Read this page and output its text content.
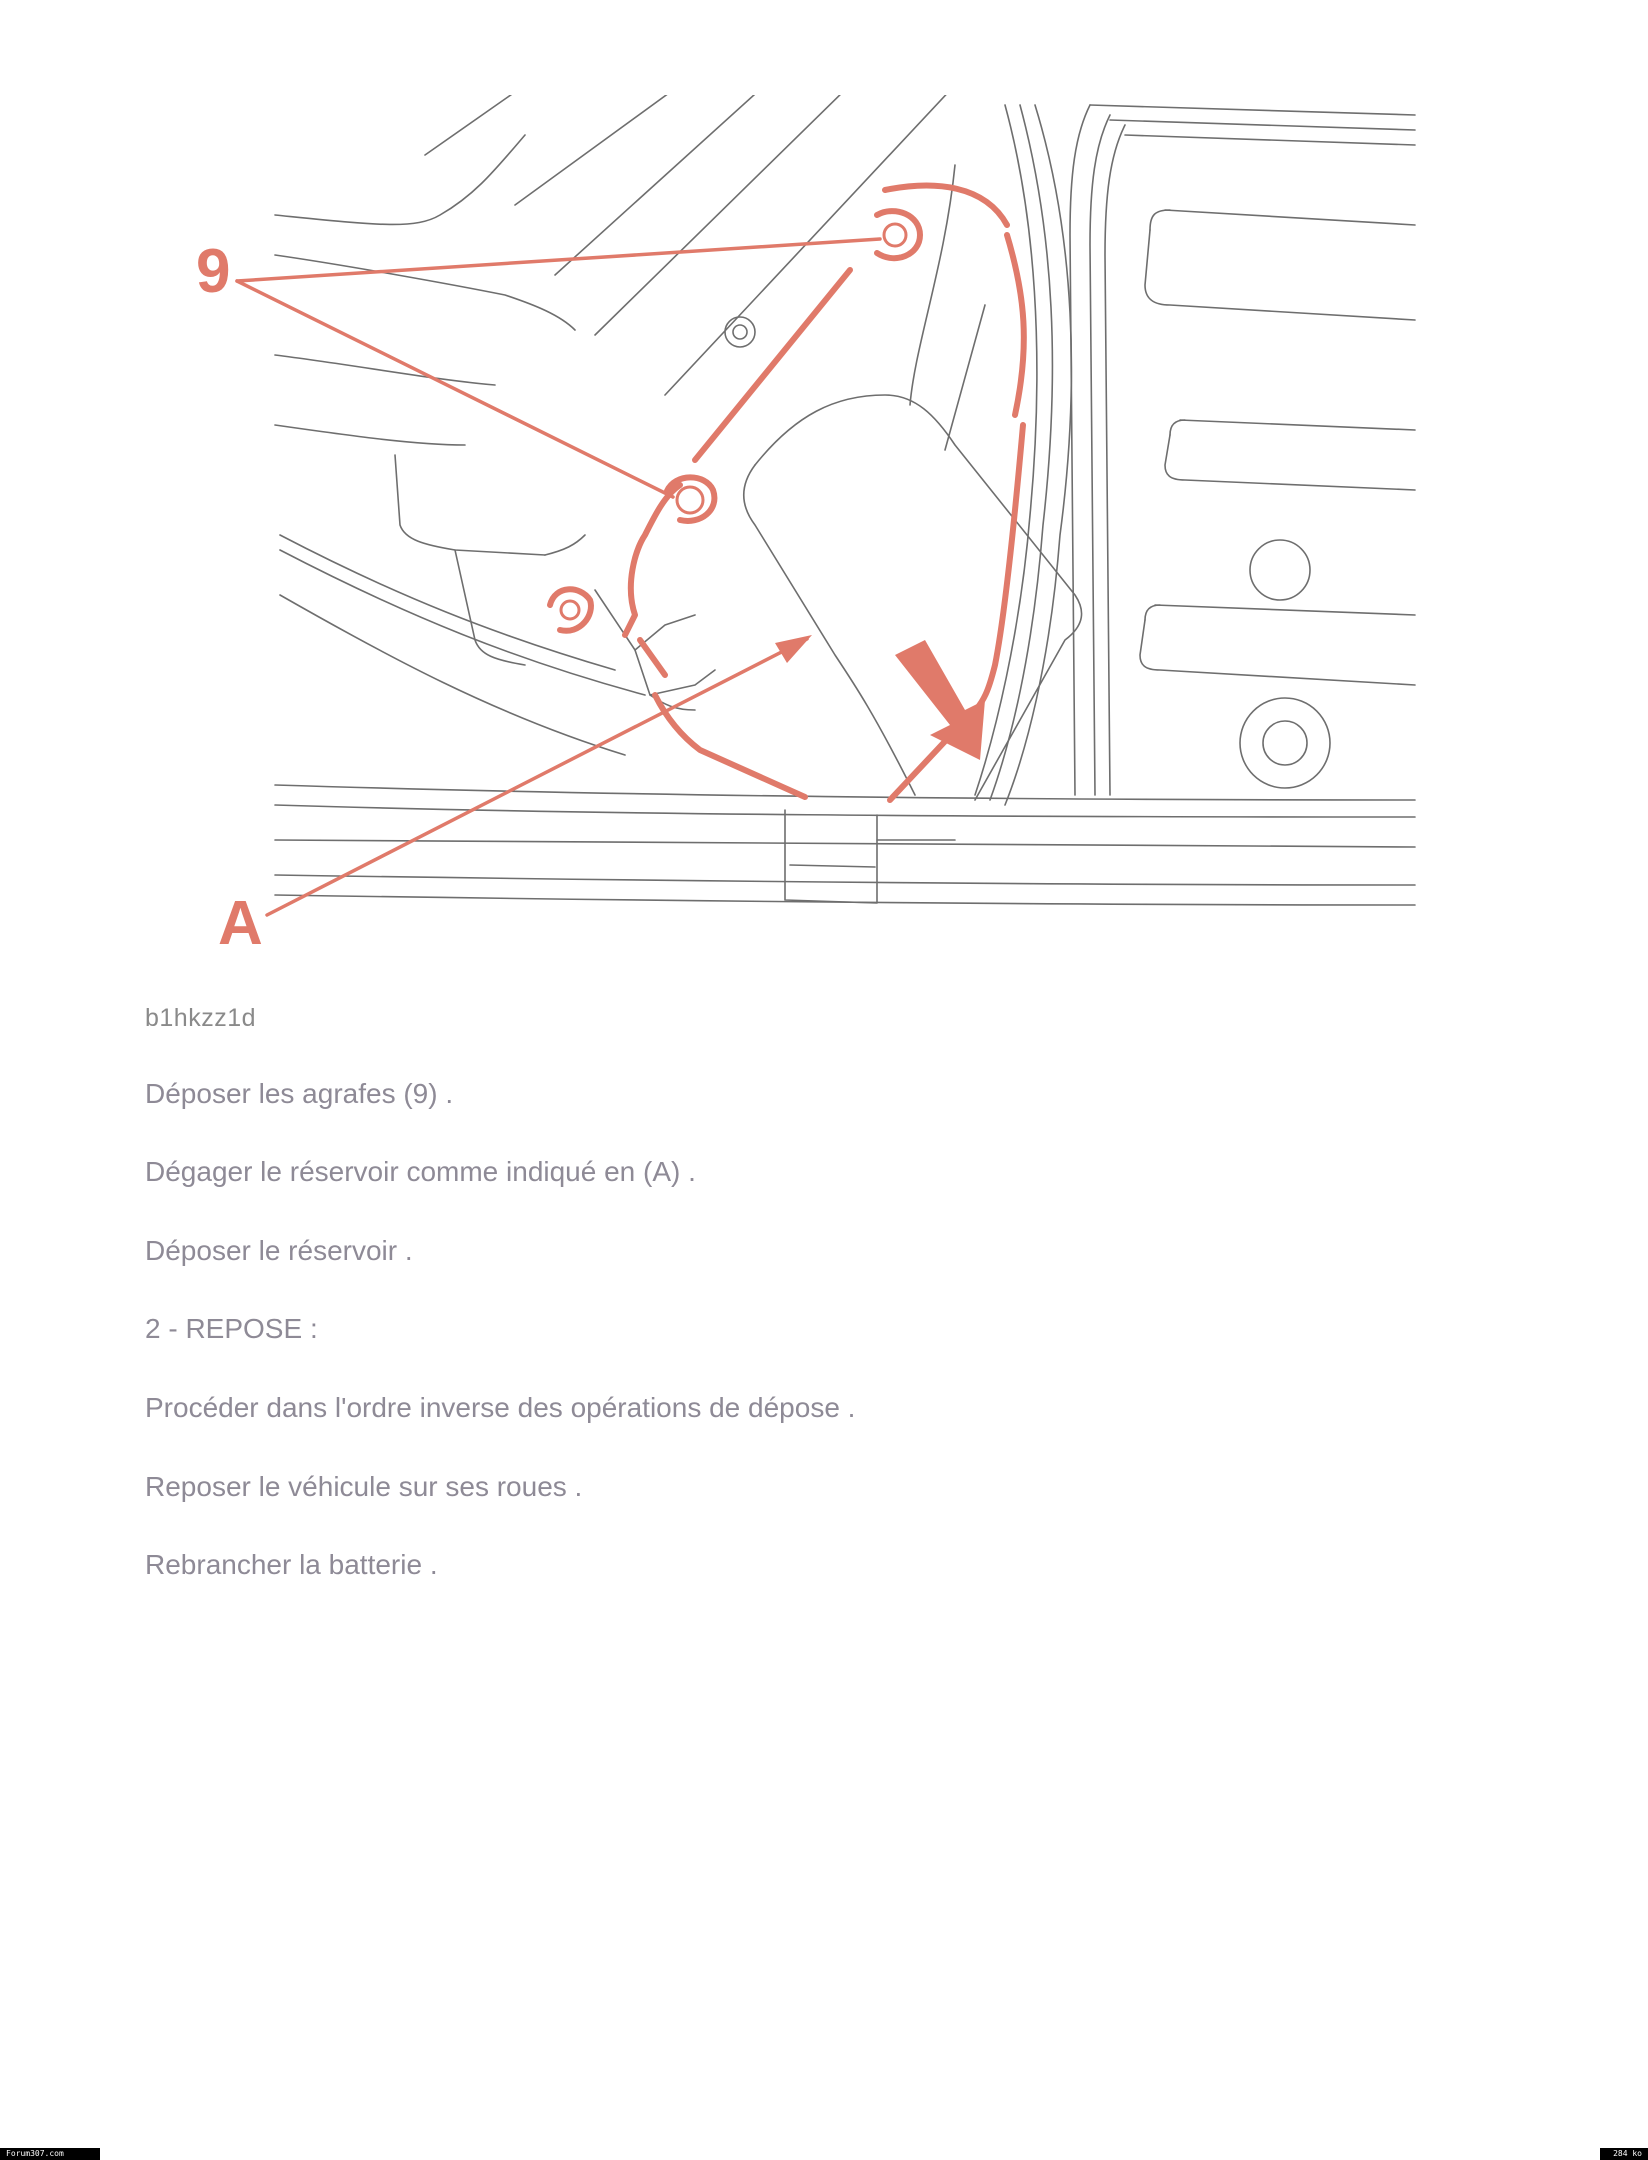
9
A
b1hkzz1d

Déposer les agrafes (9) .

Dégager le réservoir comme indiqué en (A) .

Déposer le réservoir .

2 - REPOSE :

Procéder dans l'ordre inverse des opérations de dépose .

Reposer le véhicule sur ses roues .

Rebrancher la batterie .

Forum307.com	284 ko
